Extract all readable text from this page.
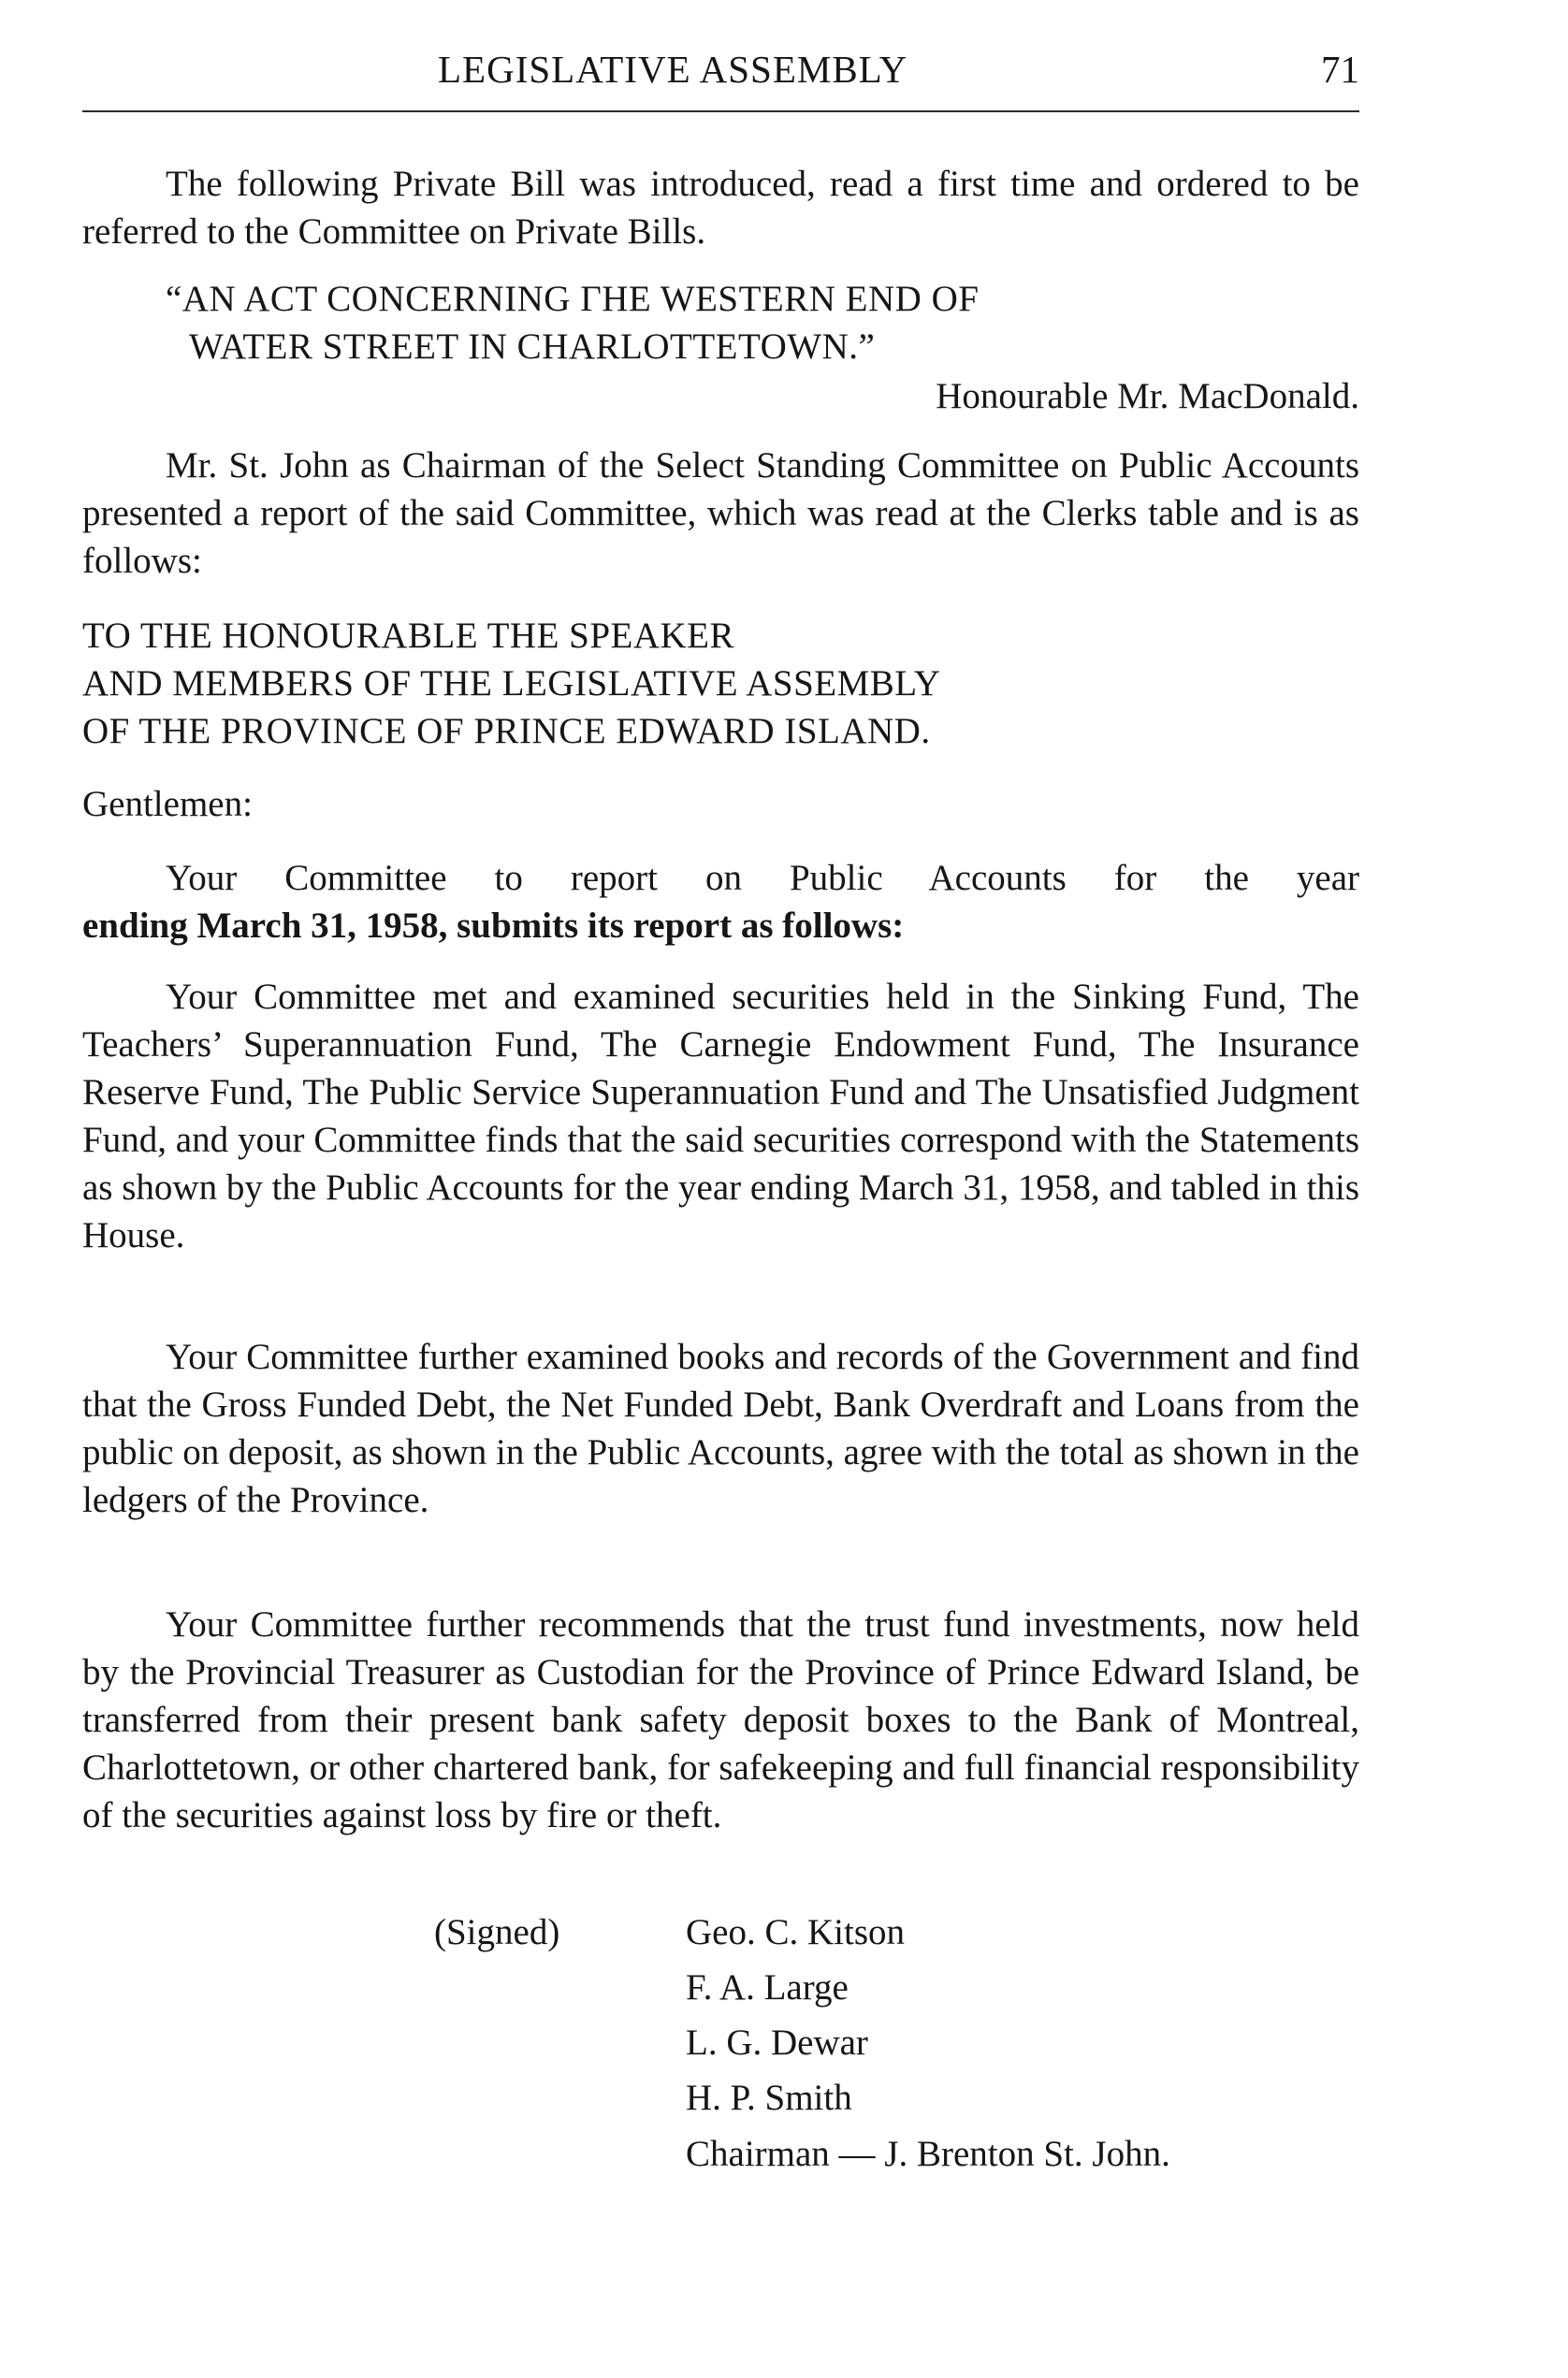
LEGISLATIVE ASSEMBLY	71

The following Private Bill was introduced, read a first time and ordered to be referred to the Committee on Private Bills.

“AN ACT CONCERNING ΓHE WESTERN END OF

WATER STREET IN CHARLOTTETOWN.”

Honourable Mr. MacDonald.

Mr. St. John as Chairman of the Select Standing Committee on Public Accounts presented a report of the said Committee, which was read at the Clerks table and is as follows:

TO THE HONOURABLE THE SPEAKER

AND MEMBERS OF THE LEGISLATIVE ASSEMBLY

OF THE PROVINCE OF PRINCE EDWARD ISLAND.

Gentlemen:

Your Committee to report on Public Accounts for the year
ending March 31, 1958, submits its report as follows:

Your Committee met and examined securities held in the Sinking Fund, The Teachers’ Superannuation Fund, The Carnegie Endowment Fund, The Insurance Reserve Fund, The Public Service Superannuation Fund and The Unsatisfied Judgment Fund, and your Committee finds that the said securities correspond with the Statements as shown by the Public Accounts for the year ending March 31, 1958, and tabled in this House.

Your Committee further examined books and records of the Government and find that the Gross Funded Debt, the Net Funded Debt, Bank Overdraft and Loans from the public on deposit, as shown in the Public Accounts, agree with the total as shown in the ledgers of the Province.

Your Committee further recommends that the trust fund investments, now held by the Provincial Treasurer as Custodian for the Province of Prince Edward Island, be transferred from their present bank safety deposit boxes to the Bank of Montreal, Charlottetown, or other chartered bank, for safekeeping and full financial responsibility of the securities against loss by fire or theft.

(Signed)	Geo. C. Kitson
F. A. Large
L. G. Dewar
H. P. Smith
Chairman — J. Brenton St. John.
